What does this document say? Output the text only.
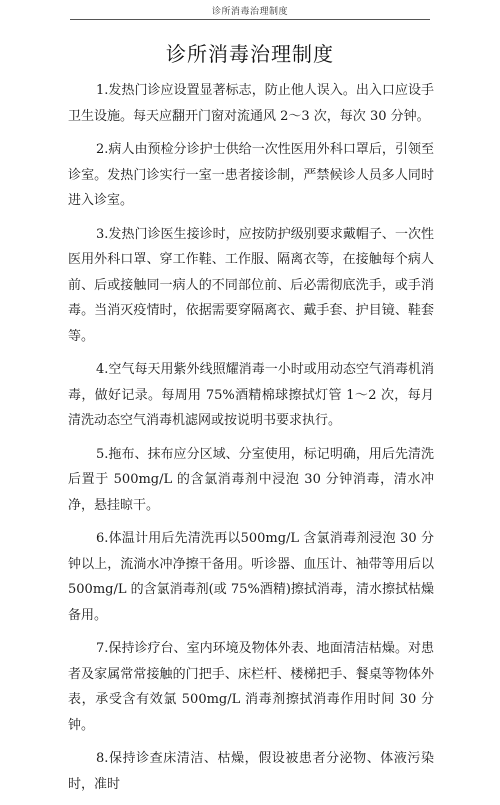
诊所消毒治理制度
诊所消毒治理制度

1.发热门诊应设置显著标志，防止他人误入。出入口应设手卫生设施。每天应翻开门窗对流通风 2～3 次，每次 30 分钟。

2.病人由预检分诊护士供给一次性医用外科口罩后，引领至诊室。发热门诊实行一室一患者接诊制，严禁候诊人员多人同时进入诊室。

3.发热门诊医生接诊时，应按防护级别要求戴帽子、一次性医用外科口罩、穿工作鞋、工作服、隔离衣等，在接触每个病人前、后或接触同一病人的不同部位前、后必需彻底洗手，或手消毒。当消灭疫情时，依据需要穿隔离衣、戴手套、护目镜、鞋套等。

4.空气每天用紫外线照耀消毒一小时或用动态空气消毒机消毒，做好记录。每周用 75%酒精棉球擦拭灯管 1～2 次，每月清洗动态空气消毒机滤网或按说明书要求执行。

5.拖布、抹布应分区域、分室使用，标记明确，用后先清洗后置于 500mg/L 的含氯消毒剂中浸泡 30 分钟消毒，清水冲净，悬挂晾干。

6.体温计用后先清洗再以500mg/L 含氯消毒剂浸泡 30 分钟以上，流淌水冲净擦干备用。听诊器、血压计、袖带等用后以 500mg/L 的含氯消毒剂(或 75%酒精)擦拭消毒，清水擦拭枯燥备用。

7.保持诊疗台、室内环境及物体外表、地面清洁枯燥。对患者及家属常常接触的门把手、床栏杆、楼梯把手、餐桌等物体外表，承受含有效氯 500mg/L 消毒剂擦拭消毒作用时间 30 分钟。

8.保持诊查床清洁、枯燥，假设被患者分泌物、体液污染时，准时
